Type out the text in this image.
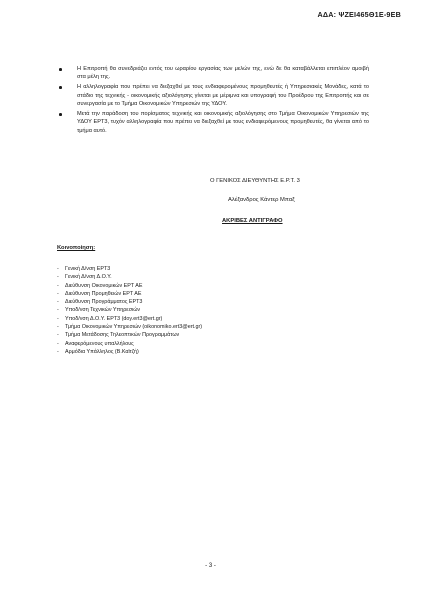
ΑΔΑ: ΨΖΕΙ465Θ1Ε-9ΕΒ
Η Επιτροπή θα συνεδριάζει εντός του ωραρίου εργασίας των μελών της, ενώ δε θα καταβάλλεται επιπλέον αμοιβή στα μέλη της.
Η αλληλογραφία που πρέπει να διεξαχθεί με τους ενδιαφερομένους προμηθευτές ή Υπηρεσιακές Μονάδες, κατά το στάδιο της τεχνικής - οικονομικής αξιολόγησης γίνεται με μέριμνα και υπογραφή του Προέδρου της Επιτροπής και σε συνεργασία με το Τμήμα Οικονομικών Υπηρεσιών της ΥΔΟΥ.
Μετά την παράδοση του πορίσματος τεχνικής και οικονομικής αξιολόγησης στο Τμήμα Οικονομικών Υπηρεσιών της ΥΔΟΥ ΕΡΤ3, τυχόν αλληλογραφία που πρέπει να διεξαχθεί με τους ενδιαφερόμενους προμηθευτές, θα γίνεται από το τμήμα αυτό.
Ο ΓΕΝΙΚΟΣ ΔΙΕΥΘΥΝΤΗΣ Ε.Ρ.Τ. 3
Αλέξανδρος Κάντερ Μπαξ
ΑΚΡΙΒΕΣ ΑΝΤΙΓΡΑΦΟ
Κοινοποίηση:
- Γενική Δ/νση ΕΡΤ3
- Γενική Δ/νση Δ.Ο.Υ.
- Διεύθυνση Οικονομικών ΕΡΤ ΑΕ
- Διεύθυνση Προμηθειών ΕΡΤ ΑΕ
- Διεύθυνση Προγράμματος ΕΡΤ3
- Υποδ/νση Τεχνικών Υπηρεσιών
- Υποδ/νση Δ.Ο.Υ. ΕΡΤ3 (doy.ert3@ert.gr)
- Τμήμα Οικονομικών Υπηρεσιών (oikonomiko.ert3@ert.gr)
- Τμήμα Μετάδοσης Τηλεοπτικών Προγραμμάτων
- Αναφερόμενους υπαλλήλους
- Αρμόδια Υπάλληλος (Β.Καϊτζή)
- 3 -
